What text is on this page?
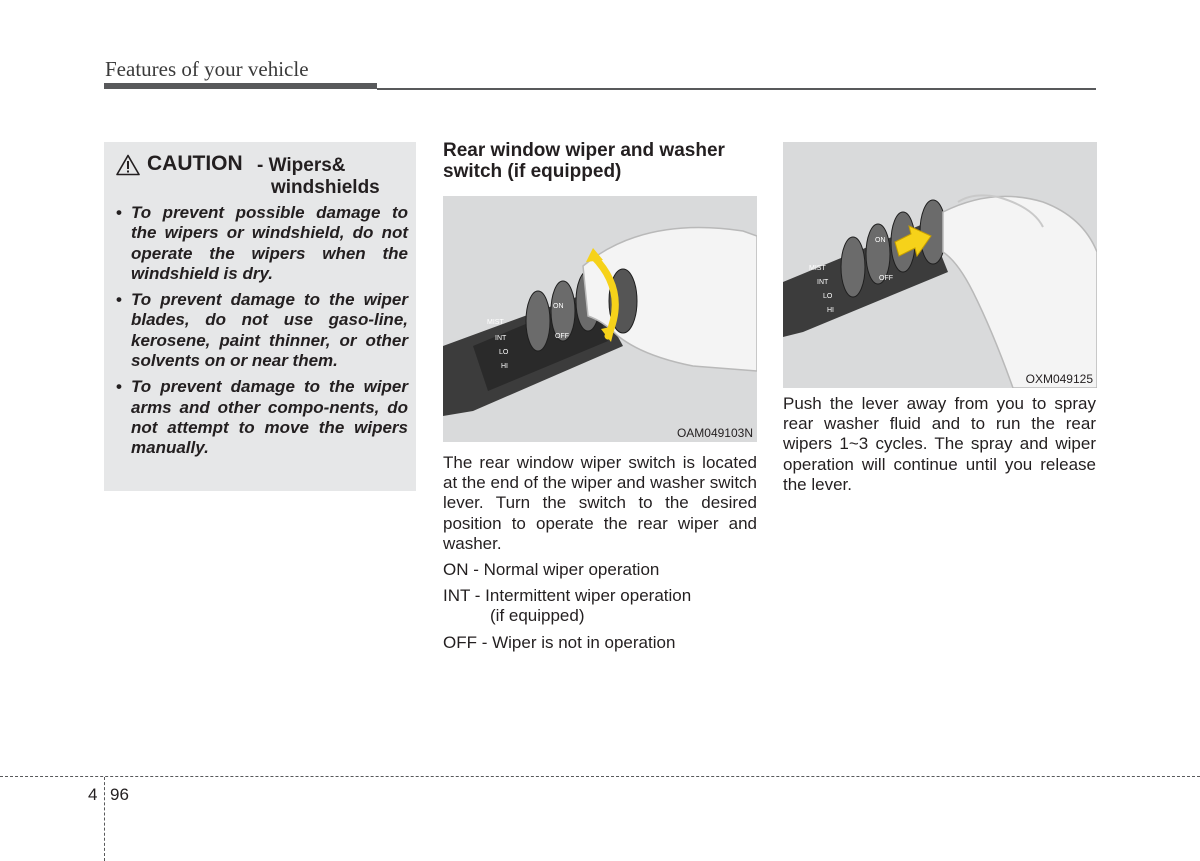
Features of your vehicle
CAUTION - Wipers&
windshields
• To prevent possible damage to the wipers or windshield, do not operate the wipers when the windshield is dry.
• To prevent damage to the wiper blades, do not use gaso-line, kerosene, paint thinner, or other solvents on or near them.
• To prevent damage to the wiper arms and other compo-nents, do not attempt to move the wipers manually.
Rear window wiper and washer switch (if equipped)
MIST
INT
LO
HI
ON
OFF
OAM049103N
The rear window wiper switch is located at the end of the wiper and washer switch lever. Turn the switch to the desired position to operate the rear wiper and washer.
ON - Normal wiper operation
INT - Intermittent wiper operation
(if equipped)
OFF - Wiper is not in operation
MIST
INT
LO
HI
ON
OFF
OXM049125
Push the lever away from you to spray rear washer fluid and to run the rear wipers 1~3 cycles. The spray and wiper operation will continue until you release the lever.
4 96
